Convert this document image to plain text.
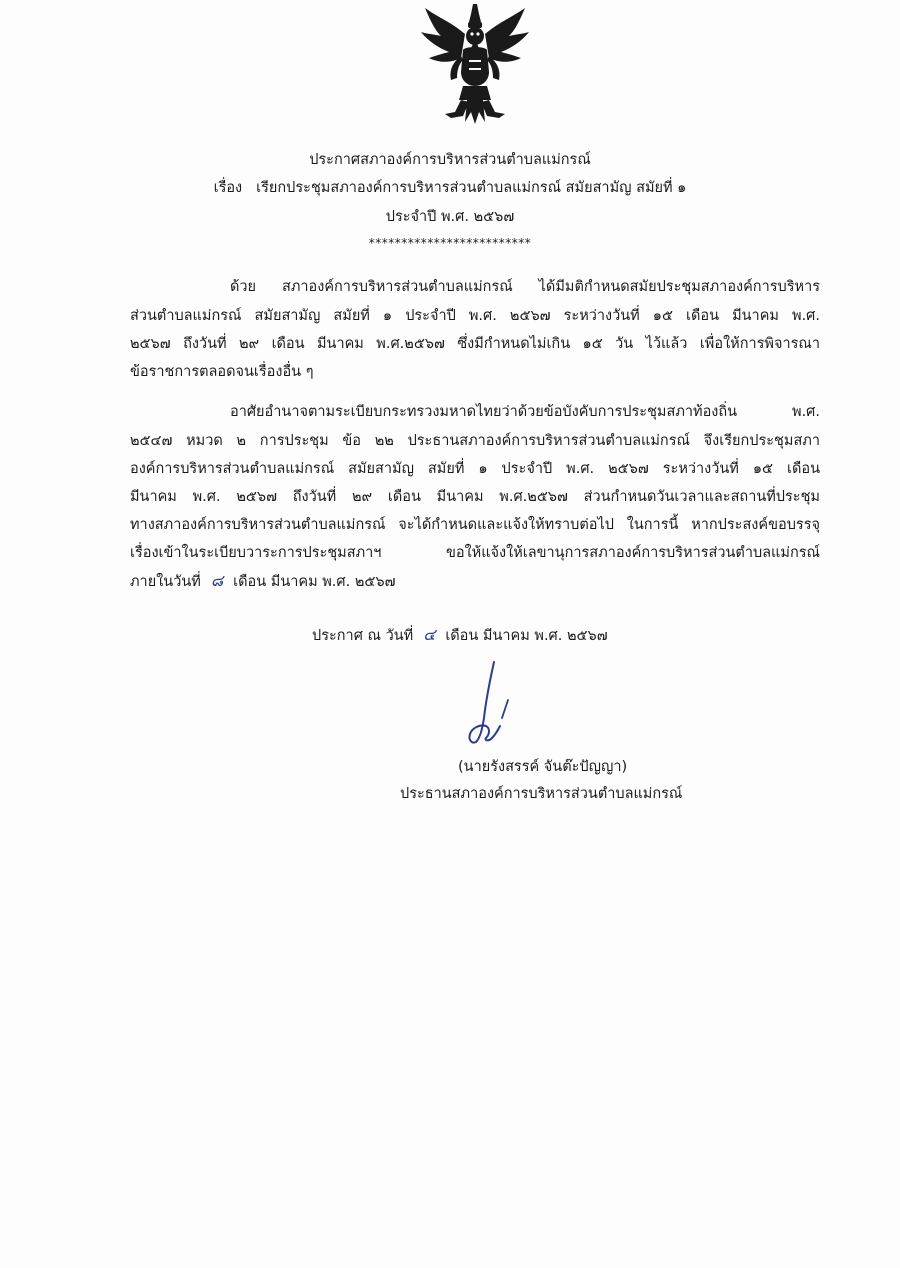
ประกาศสภาองค์การบริหารส่วนตำบลแม่กรณ์
เรื่อง เรียกประชุมสภาองค์การบริหารส่วนตำบลแม่กรณ์ สมัยสามัญ สมัยที่ ๑
ประจำปี พ.ศ. ๒๕๖๗
*************************
ด้วย สภาองค์การบริหารส่วนตำบลแม่กรณ์ ได้มีมติกำหนดสมัยประชุมสภาองค์การบริหาร
ส่วนตำบลแม่กรณ์ สมัยสามัญ สมัยที่ ๑ ประจำปี พ.ศ. ๒๕๖๗ ระหว่างวันที่ ๑๕ เดือน มีนาคม พ.ศ.
๒๕๖๗ ถึงวันที่ ๒๙ เดือน มีนาคม พ.ศ.๒๕๖๗ ซึ่งมีกำหนดไม่เกิน ๑๕ วัน ไว้แล้ว เพื่อให้การพิจารณา
ข้อราชการตลอดจนเรื่องอื่น ๆ
อาศัยอำนาจตามระเบียบกระทรวงมหาดไทยว่าด้วยข้อบังคับการประชุมสภาท้องถิ่น พ.ศ.
๒๕๔๗ หมวด ๒ การประชุม ข้อ ๒๒ ประธานสภาองค์การบริหารส่วนตำบลแม่กรณ์ จึงเรียกประชุมสภา
องค์การบริหารส่วนตำบลแม่กรณ์ สมัยสามัญ สมัยที่ ๑ ประจำปี พ.ศ. ๒๕๖๗ ระหว่างวันที่ ๑๕ เดือน
มีนาคม พ.ศ. ๒๕๖๗ ถึงวันที่ ๒๙ เดือน มีนาคม พ.ศ.๒๕๖๗ ส่วนกำหนดวันเวลาและสถานที่ประชุม
ทางสภาองค์การบริหารส่วนตำบลแม่กรณ์ จะได้กำหนดและแจ้งให้ทราบต่อไป ในการนี้ หากประสงค์ขอบรรจุ
เรื่องเข้าในระเบียบวาระการประชุมสภาฯ ขอให้แจ้งให้เลขานุการสภาองค์การบริหารส่วนตำบลแม่กรณ์
ภายในวันที่ ๘ เดือน มีนาคม พ.ศ. ๒๕๖๗
ประกาศ ณ วันที่ ๔ เดือน มีนาคม พ.ศ. ๒๕๖๗
(นายรังสรรค์ จันต๊ะปัญญา)
ประธานสภาองค์การบริหารส่วนตำบลแม่กรณ์
